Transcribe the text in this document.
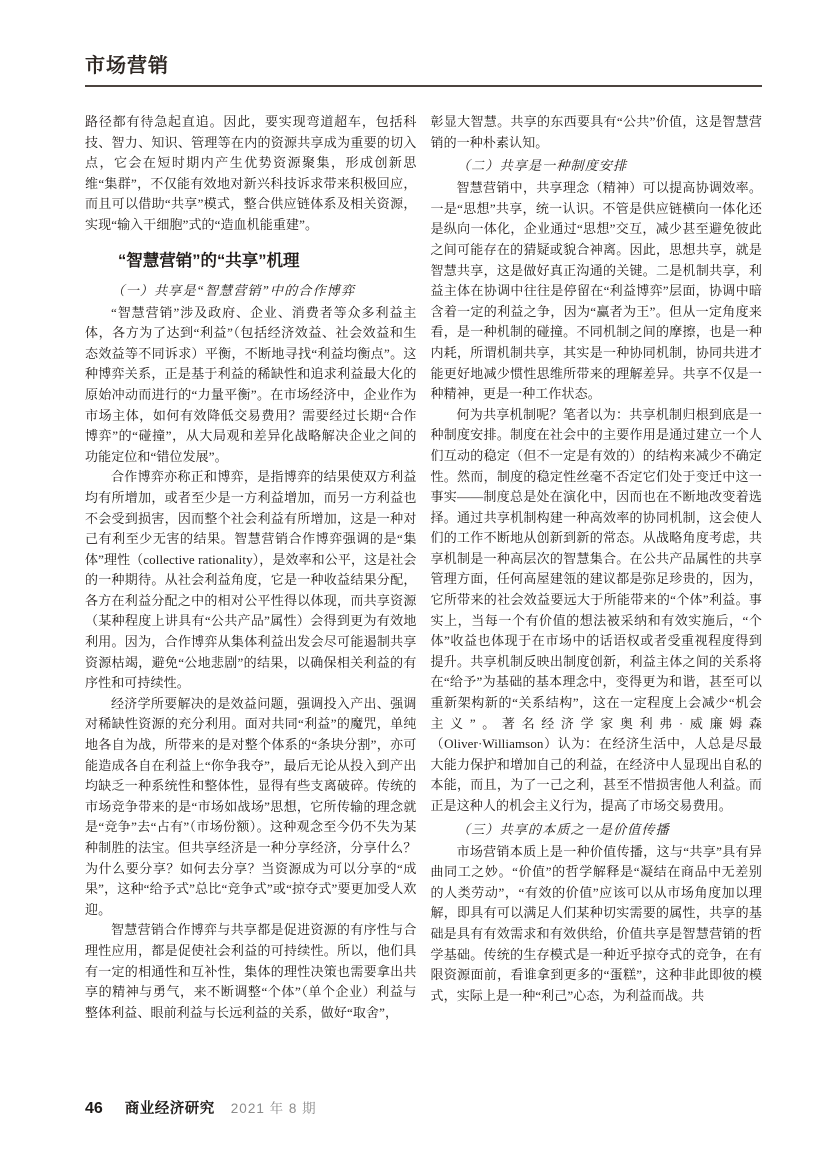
市场营销

路径都有待急起直追。因此，要实现弯道超车，包括科技、智力、知识、管理等在内的资源共享成为重要的切入点，它会在短时期内产生优势资源聚集，形成创新思维“集群”，不仅能有效地对新兴科技诉求带来积极回应，而且可以借助“共享”模式，整合供应链体系及相关资源，实现“输入干细胞”式的“造血机能重建”。

“智慧营销”的“共享”机理
（一）共享是“智慧营销”中的合作博弈

“智慧营销”涉及政府、企业、消费者等众多利益主体，各方为了达到“利益”（包括经济效益、社会效益和生态效益等不同诉求）平衡，不断地寻找“利益均衡点”。这种博弈关系，正是基于利益的稀缺性和追求利益最大化的原始冲动而进行的“力量平衡”。在市场经济中，企业作为市场主体，如何有效降低交易费用？需要经过长期“合作博弈”的“碰撞”，从大局观和差异化战略解决企业之间的功能定位和“错位发展”。

合作博弈亦称正和博弈，是指博弈的结果使双方利益均有所增加，或者至少是一方利益增加，而另一方利益也不会受到损害，因而整个社会利益有所增加，这是一种对己有利至少无害的结果。智慧营销合作博弈强调的是“集体”理性（collective rationality），是效率和公平，这是社会的一种期待。从社会利益角度，它是一种收益结果分配，各方在利益分配之中的相对公平性得以体现，而共享资源（某种程度上讲具有“公共产品”属性）会得到更为有效地利用。因为，合作博弈从集体利益出发会尽可能遏制共享资源枯竭，避免“公地悲剧”的结果，以确保相关利益的有序性和可持续性。

经济学所要解决的是效益问题，强调投入产出、强调对稀缺性资源的充分利用。面对共同“利益”的魔咒，单纯地各自为战，所带来的是对整个体系的“条块分割”，亦可能造成各自在利益上“你争我夺”，最后无论从投入到产出均缺乏一种系统性和整体性，显得有些支离破碎。传统的市场竞争带来的是“市场如战场”思想，它所传输的理念就是“竞争”去“占有”（市场份额）。这种观念至今仍不失为某种制胜的法宝。但共享经济是一种分享经济，分享什么？为什么要分享？如何去分享？当资源成为可以分享的“成果”，这种“给予式”总比“竞争式”或“掠夺式”要更加受人欢迎。

智慧营销合作博弈与共享都是促进资源的有序性与合理性应用，都是促使社会利益的可持续性。所以，他们具有一定的相通性和互补性，集体的理性决策也需要拿出共享的精神与勇气，来不断调整“个体”（单个企业）利益与整体利益、眼前利益与长远利益的关系，做好“取舍”，

彰显大智慧。共享的东西要具有“公共”价值，这是智慧营销的一种朴素认知。

（二）共享是一种制度安排

智慧营销中，共享理念（精神）可以提高协调效率。一是“思想”共享，统一认识。不管是供应链横向一体化还是纵向一体化，企业通过“思想”交互，减少甚至避免彼此之间可能存在的猜疑或貌合神离。因此，思想共享，就是智慧共享，这是做好真正沟通的关键。二是机制共享，利益主体在协调中往往是停留在“利益博弈”层面，协调中暗含着一定的利益之争，因为“赢者为王”。但从一定角度来看，是一种机制的碰撞。不同机制之间的摩擦，也是一种内耗，所谓机制共享，其实是一种协同机制，协同共进才能更好地减少惯性思维所带来的理解差异。共享不仅是一种精神，更是一种工作状态。

何为共享机制呢？笔者以为：共享机制归根到底是一种制度安排。制度在社会中的主要作用是通过建立一个人们互动的稳定（但不一定是有效的）的结构来减少不确定性。然而，制度的稳定性丝毫不否定它们处于变迁中这一事实——制度总是处在演化中，因而也在不断地改变着选择。通过共享机制构建一种高效率的协同机制，这会使人们的工作不断地从创新到新的常态。从战略角度考虑，共享机制是一种高层次的智慧集合。在公共产品属性的共享管理方面，任何高屋建瓴的建议都是弥足珍贵的，因为，它所带来的社会效益要远大于所能带来的“个体”利益。事实上，当每一个有价值的想法被采纳和有效实施后，“个体”收益也体现于在市场中的话语权或者受重视程度得到提升。共享机制反映出制度创新，利益主体之间的关系将在“给予”为基础的基本理念中，变得更为和谐，甚至可以重新架构新的“关系结构”，这在一定程度上会减少“机会主义”。著名经济学家奥利弗·威廉姆森（Oliver·Williamson）认为：在经济生活中，人总是尽最大能力保护和增加自己的利益，在经济中人显现出自私的本能，而且，为了一己之利，甚至不惜损害他人利益。而正是这种人的机会主义行为，提高了市场交易费用。

（三）共享的本质之一是价值传播

市场营销本质上是一种价值传播，这与“共享”具有异曲同工之妙。“价值”的哲学解释是“凝结在商品中无差别的人类劳动”，“有效的价值”应该可以从市场角度加以理解，即具有可以满足人们某种切实需要的属性，共享的基础是具有有效需求和有效供给，价值共享是智慧营销的哲学基础。传统的生存模式是一种近乎掠夺式的竞争，在有限资源面前，看谁拿到更多的“蛋糕”，这种非此即彼的模式，实际上是一种“利己”心态，为利益而战。共

46 商业经济研究 2021 年 8 期
